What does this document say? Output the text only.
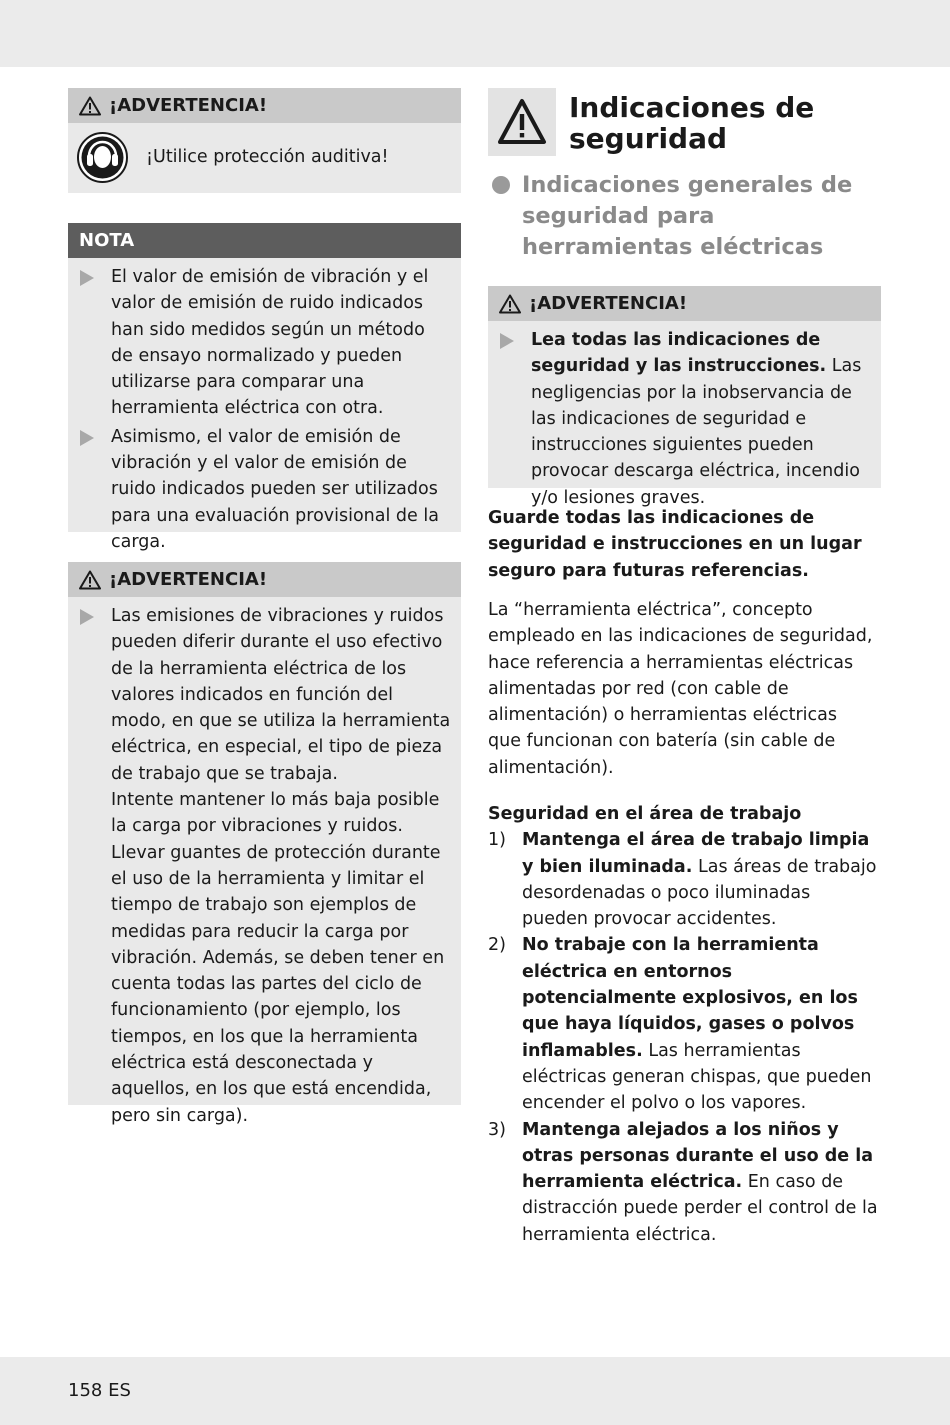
¡ADVERTENCIA!
¡Utilice protección auditiva!
NOTA
El valor de emisión de vibración y el valor de emisión de ruido indicados han sido medidos según un método de ensayo normalizado y pueden utilizarse para comparar una herramienta eléctrica con otra.
Asimismo, el valor de emisión de vibración y el valor de emisión de ruido indicados pueden ser utilizados para una evaluación provisional de la carga.
¡ADVERTENCIA!
Las emisiones de vibraciones y ruidos pueden diferir durante el uso efectivo de la herramienta eléctrica de los valores indicados en función del modo, en que se utiliza la herramienta eléctrica, en especial, el tipo de pieza de trabajo que se trabaja.
Intente mantener lo más baja posible la carga por vibraciones y ruidos. Llevar guantes de protección durante el uso de la herramienta y limitar el tiempo de trabajo son ejemplos de medidas para reducir la carga por vibración. Además, se deben tener en cuenta todas las partes del ciclo de funcionamiento (por ejemplo, los tiempos, en los que la herramienta eléctrica está desconectada y aquellos, en los que está encendida, pero sin carga).
Indicaciones de seguridad
Indicaciones generales de seguridad para herramientas eléctricas
¡ADVERTENCIA!
Lea todas las indicaciones de seguridad y las instrucciones. Las negligencias por la inobservancia de las indicaciones de seguridad e instrucciones siguientes pueden provocar descarga eléctrica, incendio y/o lesiones graves.
Guarde todas las indicaciones de seguridad e instrucciones en un lugar seguro para futuras referencias.
La “herramienta eléctrica”, concepto empleado en las indicaciones de seguridad, hace referencia a herramientas eléctricas alimentadas por red (con cable de alimentación) o herramientas eléctricas que funcionan con batería (sin cable de alimentación).
Seguridad en el área de trabajo
1) Mantenga el área de trabajo limpia y bien iluminada. Las áreas de trabajo desordenadas o poco iluminadas pueden provocar accidentes.
2) No trabaje con la herramienta eléctrica en entornos potencialmente explosivos, en los que haya líquidos, gases o polvos inflamables. Las herramientas eléctricas generan chispas, que pueden encender el polvo o los vapores.
3) Mantenga alejados a los niños y otras personas durante el uso de la herramienta eléctrica. En caso de distracción puede perder el control de la herramienta eléctrica.
158 ES
